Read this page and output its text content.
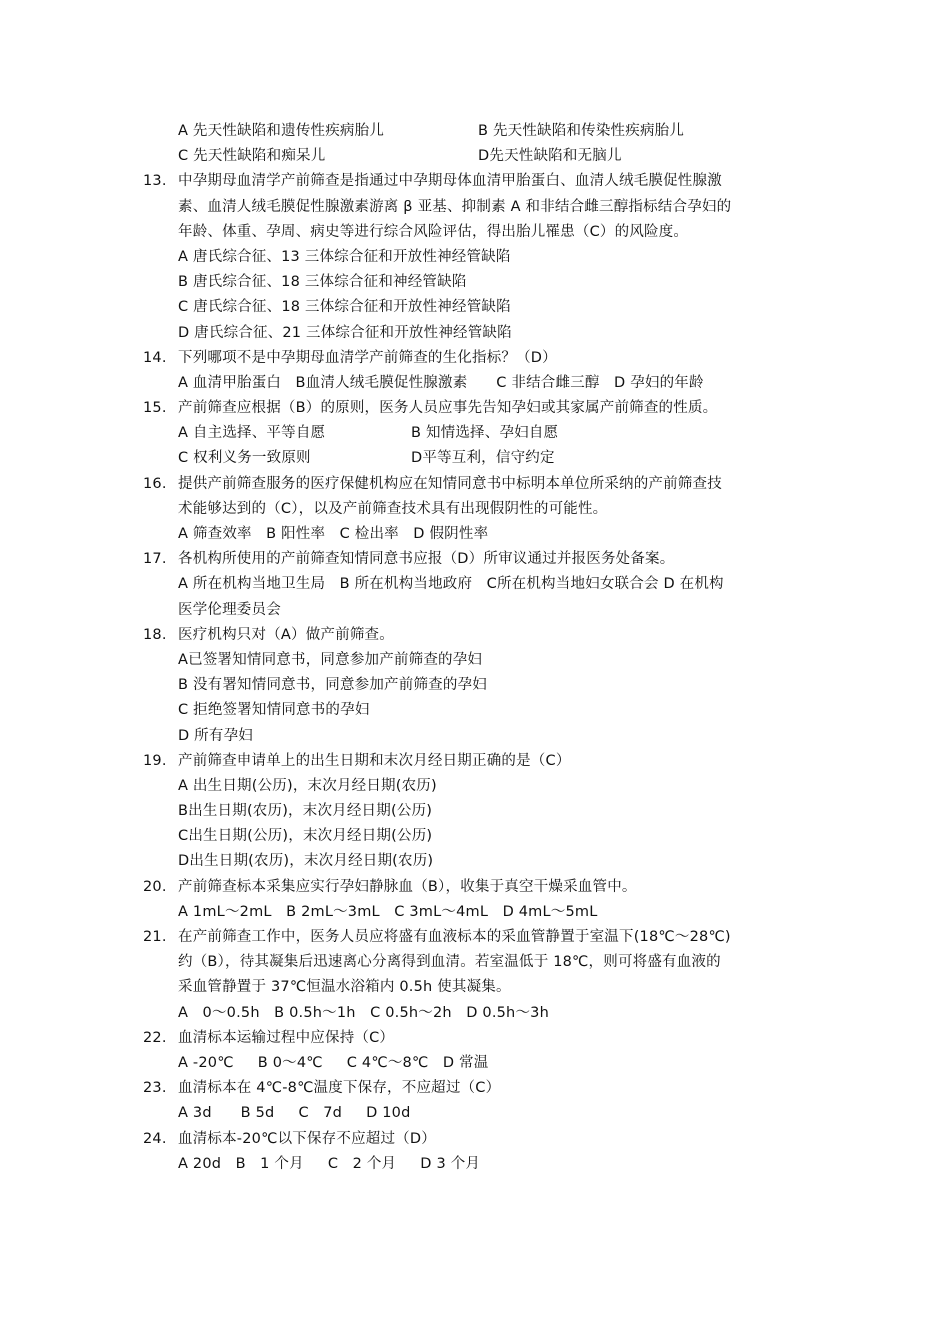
A 先天性缺陷和遗传性疾病胎儿	B 先天性缺陷和传染性疾病胎儿
C 先天性缺陷和痴呆儿	D先天性缺陷和无脑儿
13. 中孕期母血清学产前筛查是指通过中孕期母体血清甲胎蛋白、血清人绒毛膜促性腺激
素、血清人绒毛膜促性腺激素游离 β 亚基、抑制素 A 和非结合雌三醇指标结合孕妇的
年龄、体重、孕周、病史等进行综合风险评估，得出胎儿罹患（C）的风险度。
A 唐氏综合征、13 三体综合征和开放性神经管缺陷
B 唐氏综合征、18 三体综合征和神经管缺陷
C 唐氏综合征、18 三体综合征和开放性神经管缺陷
D 唐氏综合征、21 三体综合征和开放性神经管缺陷
14. 下列哪项不是中孕期母血清学产前筛查的生化指标？（D）
A 血清甲胎蛋白   B血清人绒毛膜促性腺激素      C 非结合雌三醇   D 孕妇的年龄
15. 产前筛查应根据（B）的原则，医务人员应事先告知孕妇或其家属产前筛查的性质。
A 自主选择、平等自愿	B 知情选择、孕妇自愿
C 权利义务一致原则	D平等互利，信守约定
16. 提供产前筛查服务的医疗保健机构应在知情同意书中标明本单位所采纳的产前筛查技
术能够达到的（C），以及产前筛查技术具有出现假阴性的可能性。
A 筛查效率   B 阳性率   C 检出率   D 假阴性率
17. 各机构所使用的产前筛查知情同意书应报（D）所审议通过并报医务处备案。
A 所在机构当地卫生局   B 所在机构当地政府   C所在机构当地妇女联合会 D 在机构
医学伦理委员会
18. 医疗机构只对（A）做产前筛查。
A已签署知情同意书，同意参加产前筛查的孕妇
B 没有署知情同意书，同意参加产前筛查的孕妇
C 拒绝签署知情同意书的孕妇
D 所有孕妇
19. 产前筛查申请单上的出生日期和末次月经日期正确的是（C）
A 出生日期(公历)，末次月经日期(农历)
B出生日期(农历)，末次月经日期(公历)
C出生日期(公历)，末次月经日期(公历)
D出生日期(农历)，末次月经日期(农历)
20. 产前筛查标本采集应实行孕妇静脉血（B），收集于真空干燥采血管中。
A 1mL～2mL   B 2mL～3mL   C 3mL～4mL   D 4mL～5mL
21. 在产前筛查工作中，医务人员应将盛有血液标本的采血管静置于室温下(18℃～28℃)
约（B），待其凝集后迅速离心分离得到血清。若室温低于 18℃，则可将盛有血液的
采血管静置于 37℃恒温水浴箱内 0.5h 使其凝集。
A   0～0.5h   B 0.5h～1h   C 0.5h～2h   D 0.5h～3h
22. 血清标本运输过程中应保持（C）
A -20℃     B 0～4℃     C 4℃～8℃   D 常温
23. 血清标本在 4℃-8℃温度下保存，不应超过（C）
A 3d      B 5d     C   7d     D 10d
24. 血清标本-20℃以下保存不应超过（D）
A 20d   B   1 个月     C   2 个月     D 3 个月
